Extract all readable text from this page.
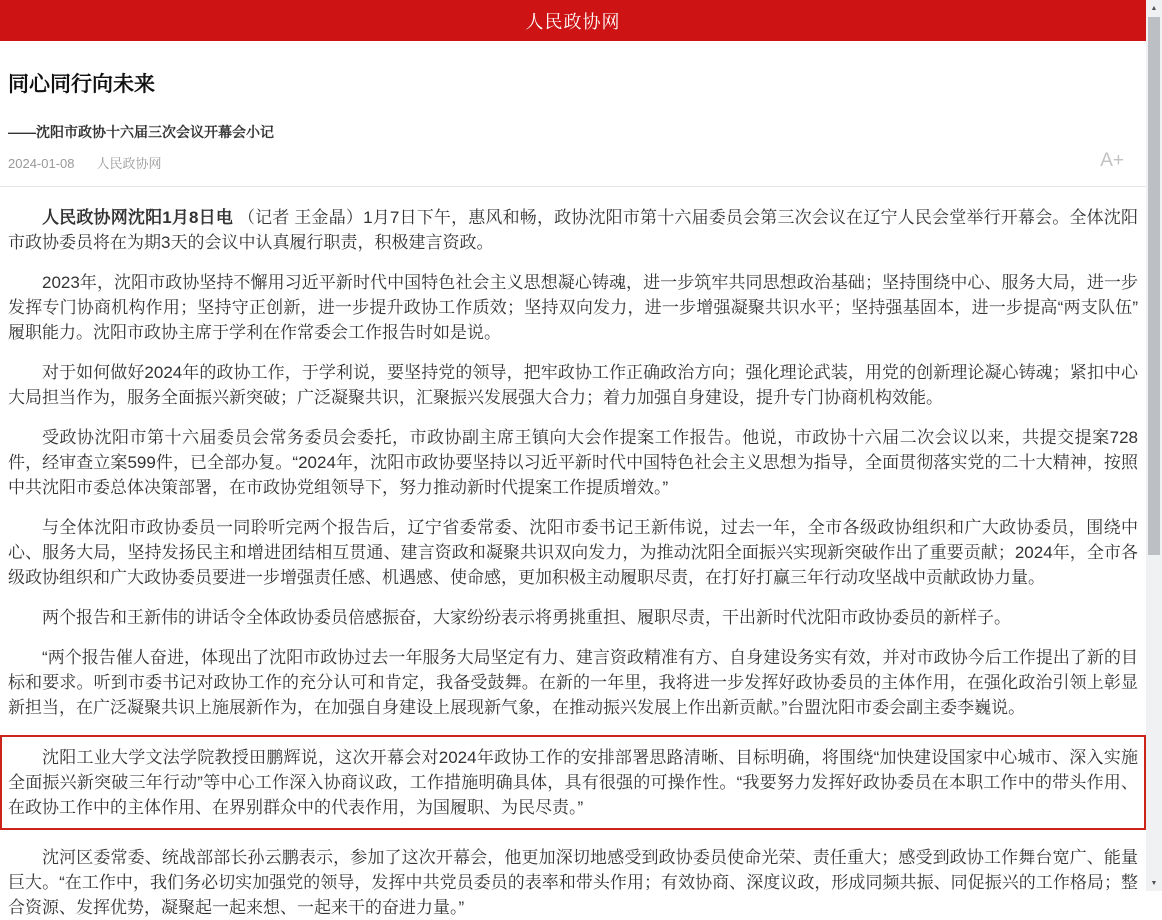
人民政协网
同心同行向未来
——沈阳市政协十六届三次会议开幕会小记
2024-01-08 人民政协网	A+

人民政协网沈阳1月8日电 （记者 王金晶）1月7日下午，惠风和畅，政协沈阳市第十六届委员会第三次会议在辽宁人民会堂举行开幕会。全体沈阳市政协委员将在为期3天的会议中认真履行职责，积极建言资政。

2023年，沈阳市政协坚持不懈用习近平新时代中国特色社会主义思想凝心铸魂，进一步筑牢共同思想政治基础；坚持围绕中心、服务大局，进一步发挥专门协商机构作用；坚持守正创新，进一步提升政协工作质效；坚持双向发力，进一步增强凝聚共识水平；坚持强基固本，进一步提高“两支队伍”履职能力。沈阳市政协主席于学利在作常委会工作报告时如是说。

对于如何做好2024年的政协工作，于学利说，要坚持党的领导，把牢政协工作正确政治方向；强化理论武装，用党的创新理论凝心铸魂；紧扣中心大局担当作为，服务全面振兴新突破；广泛凝聚共识，汇聚振兴发展强大合力；着力加强自身建设，提升专门协商机构效能。

受政协沈阳市第十六届委员会常务委员会委托，市政协副主席王镇向大会作提案工作报告。他说，市政协十六届二次会议以来，共提交提案728件，经审查立案599件，已全部办复。“2024年，沈阳市政协要坚持以习近平新时代中国特色社会主义思想为指导，全面贯彻落实党的二十大精神，按照中共沈阳市委总体决策部署，在市政协党组领导下，努力推动新时代提案工作提质增效。”

与全体沈阳市政协委员一同聆听完两个报告后，辽宁省委常委、沈阳市委书记王新伟说，过去一年，全市各级政协组织和广大政协委员，围绕中心、服务大局，坚持发扬民主和增进团结相互贯通、建言资政和凝聚共识双向发力，为推动沈阳全面振兴实现新突破作出了重要贡献；2024年，全市各级政协组织和广大政协委员要进一步增强责任感、机遇感、使命感，更加积极主动履职尽责，在打好打赢三年行动攻坚战中贡献政协力量。

两个报告和王新伟的讲话令全体政协委员倍感振奋，大家纷纷表示将勇挑重担、履职尽责，干出新时代沈阳市政协委员的新样子。

“两个报告催人奋进，体现出了沈阳市政协过去一年服务大局坚定有力、建言资政精准有方、自身建设务实有效，并对市政协今后工作提出了新的目标和要求。听到市委书记对政协工作的充分认可和肯定，我备受鼓舞。在新的一年里，我将进一步发挥好政协委员的主体作用，在强化政治引领上彰显新担当，在广泛凝聚共识上施展新作为，在加强自身建设上展现新气象，在推动振兴发展上作出新贡献。”台盟沈阳市委会副主委李巍说。

沈阳工业大学文法学院教授田鹏辉说，这次开幕会对2024年政协工作的安排部署思路清晰、目标明确，将围绕“加快建设国家中心城市、深入实施全面振兴新突破三年行动”等中心工作深入协商议政，工作措施明确具体，具有很强的可操作性。“我要努力发挥好政协委员在本职工作中的带头作用、在政协工作中的主体作用、在界别群众中的代表作用，为国履职、为民尽责。”

沈河区委常委、统战部部长孙云鹏表示，参加了这次开幕会，他更加深切地感受到政协委员使命光荣、责任重大；感受到政协工作舞台宽广、能量巨大。“在工作中，我们务必切实加强党的领导，发挥中共党员委员的表率和带头作用；有效协商、深度议政，形成同频共振、同促振兴的工作格局；整合资源、发挥优势，凝聚起一起来想、一起来干的奋进力量。”

▲
▼
